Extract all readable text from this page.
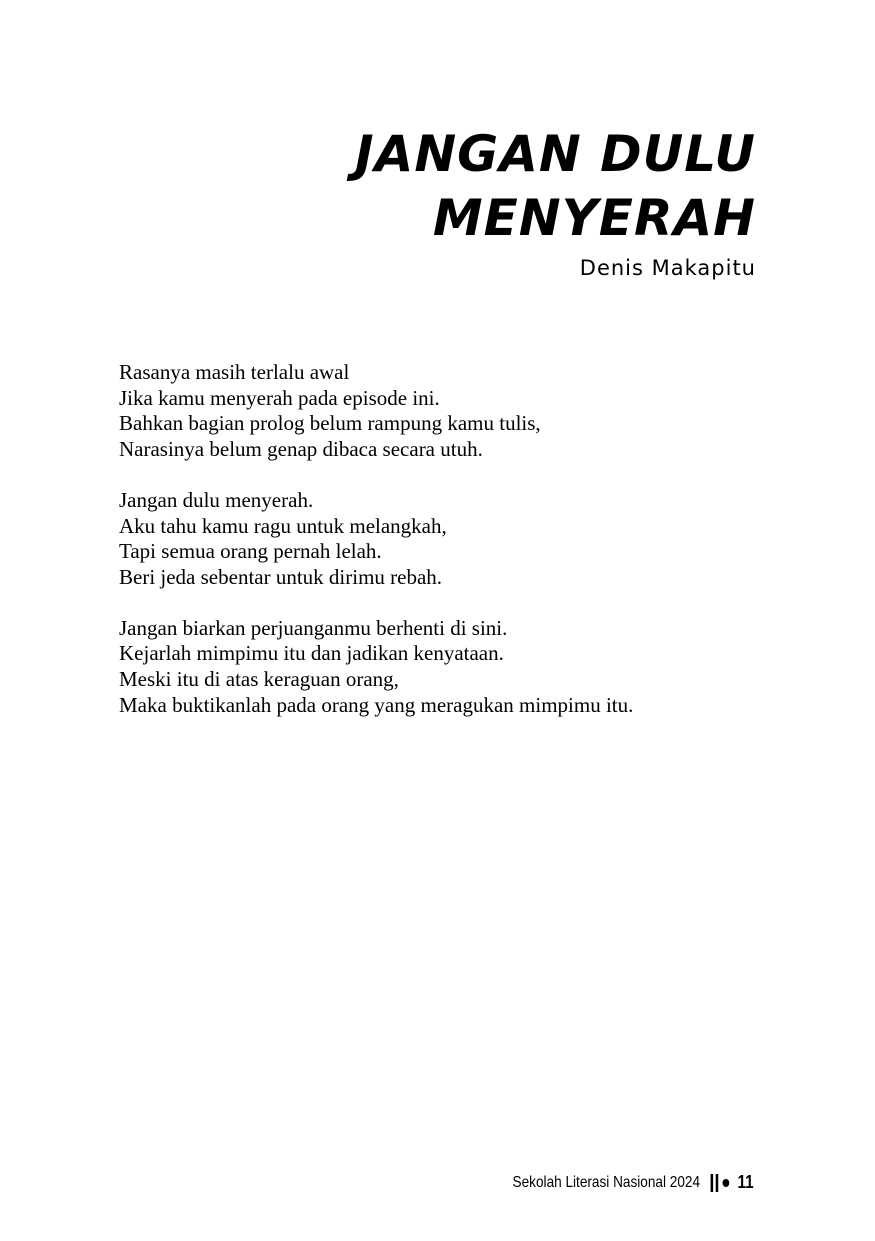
JANGAN DULU
MENYERAH
Denis Makapitu
Rasanya masih terlalu awal
Jika kamu menyerah pada episode ini.
Bahkan bagian prolog belum rampung kamu tulis,
Narasinya belum genap dibaca secara utuh.
Jangan dulu menyerah.
Aku tahu kamu ragu untuk melangkah,
Tapi semua orang pernah lelah.
Beri jeda sebentar untuk dirimu rebah.
Jangan biarkan perjuanganmu berhenti di sini.
Kejarlah mimpimu itu dan jadikan kenyataan.
Meski itu di atas keraguan orang,
Maka buktikanlah pada orang yang meragukan mimpimu itu.
Sekolah Literasi Nasional 2024 11
